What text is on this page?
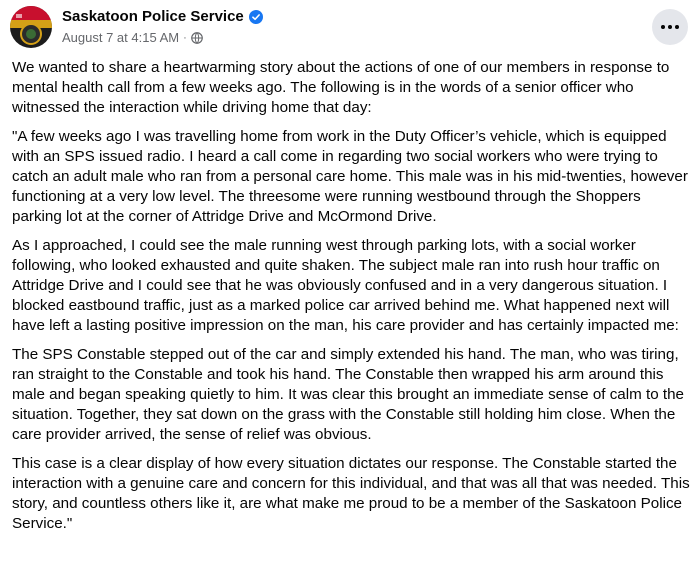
Saskatoon Police Service
August 7 at 4:15 AM ·

We wanted to share a heartwarming story about the actions of one of our members in response to mental health call from a few weeks ago. The following is in the words of a senior officer who witnessed the interaction while driving home that day:

"A few weeks ago I was travelling home from work in the Duty Officer’s vehicle, which is equipped with an SPS issued radio. I heard a call come in regarding two social workers who were trying to catch an adult male who ran from a personal care home. This male was in his mid-twenties, however functioning at a very low level. The threesome were running westbound through the Shoppers parking lot at the corner of Attridge Drive and McOrmond Drive.

As I approached, I could see the male running west through parking lots, with a social worker following, who looked exhausted and quite shaken. The subject male ran into rush hour traffic on Attridge Drive and I could see that he was obviously confused and in a very dangerous situation. I blocked eastbound traffic, just as a marked police car arrived behind me. What happened next will have left a lasting positive impression on the man, his care provider and has certainly impacted me:

The SPS Constable stepped out of the car and simply extended his hand. The man, who was tiring, ran straight to the Constable and took his hand. The Constable then wrapped his arm around this male and began speaking quietly to him. It was clear this brought an immediate sense of calm to the situation. Together, they sat down on the grass with the Constable still holding him close. When the care provider arrived, the sense of relief was obvious.

This case is a clear display of how every situation dictates our response. The Constable started the interaction with a genuine care and concern for this individual, and that was all that was needed. This story, and countless others like it, are what make me proud to be a member of the Saskatoon Police Service."
